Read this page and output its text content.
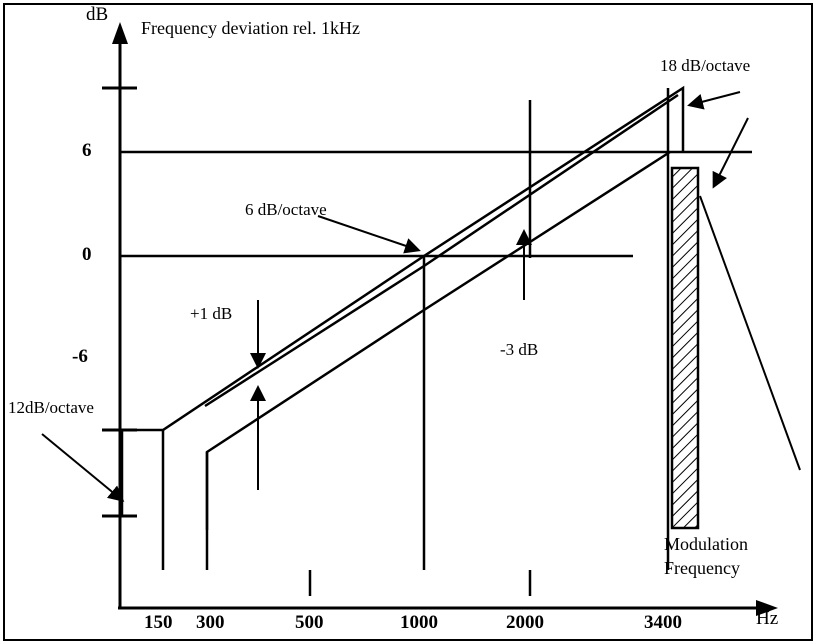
dB
Frequency deviation rel. 1kHz
6
0
-6
150 300	500	1000	2000	3400	Hz
12dB/octave
6 dB/octave
18 dB/octave
+1 dB
-3 dB
Modulation
Frequency
